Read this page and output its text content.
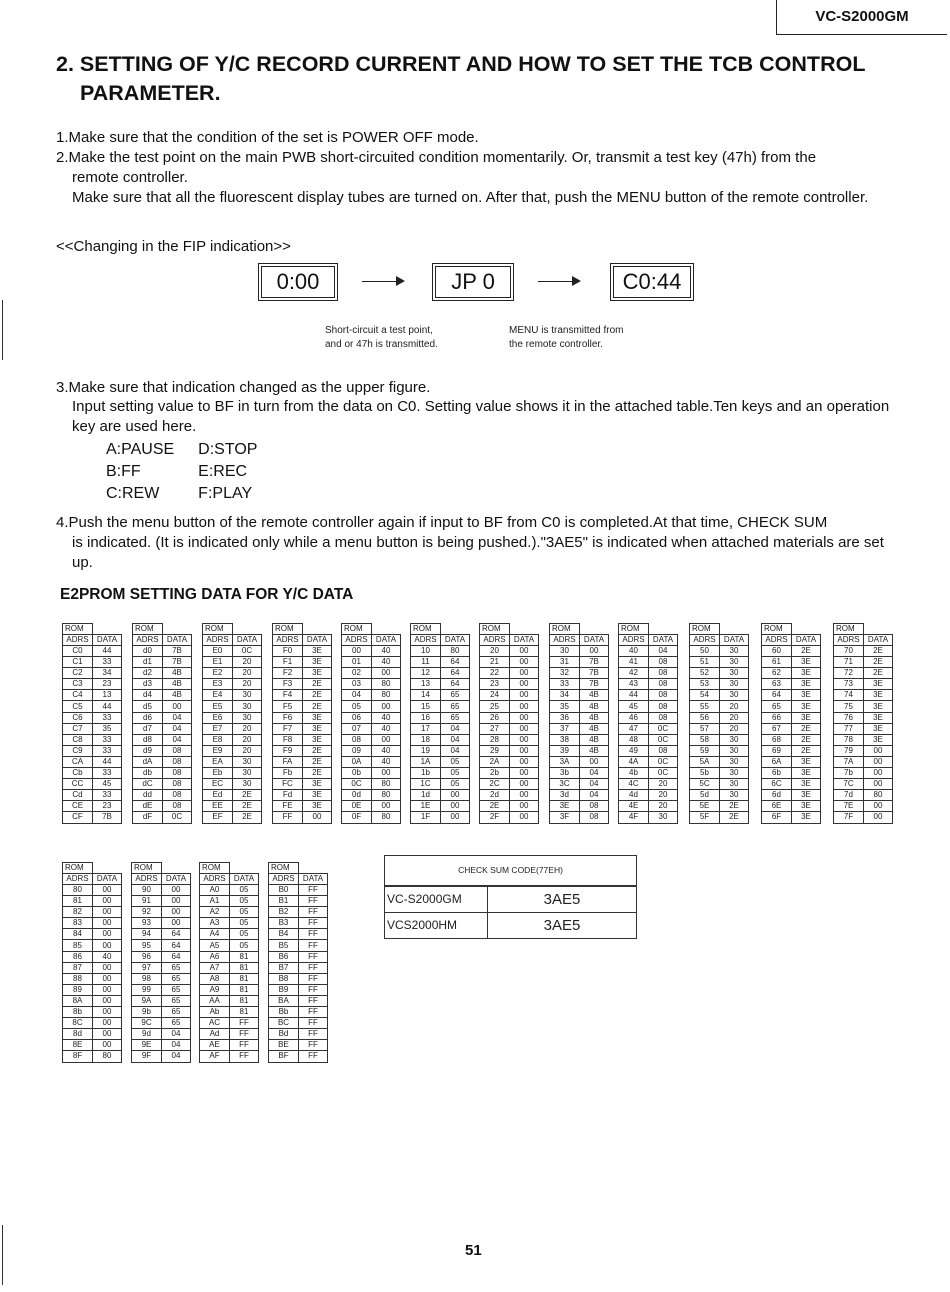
VC-S2000GM
2. SETTING OF Y/C RECORD CURRENT AND HOW TO SET THE TCB CONTROL
PARAMETER.
1.Make sure that the condition of the set is POWER OFF mode.
2.Make the test point on the main PWB short-circuited condition momentarily. Or, transmit a test key (47h) from the
remote controller.
Make sure that all the fluorescent display tubes are turned on. After that, push the MENU button of the remote controller.
<<Changing in the FIP indication>>
0:00	JP 0	C0:44
Short-circuit a test point,
and or 47h is transmitted.
MENU is transmitted from
the remote controller.
3.Make sure that indication changed as the upper figure.
Input setting value to BF in turn from the data on C0. Setting value shows it in the attached table.Ten keys and an operation key are used here.
A:PAUSE	D:STOP
B:FF	E:REC
C:REW	F:PLAY
4.Push the menu button of the remote controller again if input to BF from C0 is completed.At that time, CHECK SUM
is indicated. (It is indicated only while a menu button is being pushed.)."3AE5" is indicated when attached materials are set up.
E2PROM SETTING DATA FOR Y/C DATA
ROM	
ADRS	DATA
C0	44
C1	33
C2	34
C3	23
C4	13
C5	44
C6	33
C7	35
C8	33
C9	33
CA	44
Cb	33
CC	45
Cd	33
CE	23
CF	7B
ROM	
ADRS	DATA
d0	7B
d1	7B
d2	4B
d3	4B
d4	4B
d5	00
d6	04
d7	04
d8	04
d9	08
dA	08
db	08
dC	08
dd	08
dE	08
dF	0C
ROM	
ADRS	DATA
E0	0C
E1	20
E2	20
E3	20
E4	30
E5	30
E6	30
E7	20
E8	20
E9	20
EA	30
Eb	30
EC	30
Ed	2E
EE	2E
EF	2E
ROM	
ADRS	DATA
F0	3E
F1	3E
F2	3E
F3	2E
F4	2E
F5	2E
F6	3E
F7	3E
F8	3E
F9	2E
FA	2E
Fb	2E
FC	3E
Fd	3E
FE	3E
FF	00
ROM	
ADRS	DATA
00	40
01	40
02	00
03	80
04	80
05	00
06	40
07	40
08	00
09	40
0A	40
0b	00
0C	80
0d	80
0E	00
0F	80
ROM	
ADRS	DATA
10	80
11	64
12	64
13	64
14	65
15	65
16	65
17	04
18	04
19	04
1A	05
1b	05
1C	05
1d	00
1E	00
1F	00
ROM	
ADRS	DATA
20	00
21	00
22	00
23	00
24	00
25	00
26	00
27	00
28	00
29	00
2A	00
2b	00
2C	00
2d	00
2E	00
2F	00
ROM	
ADRS	DATA
30	00
31	7B
32	7B
33	7B
34	4B
35	4B
36	4B
37	4B
38	4B
39	4B
3A	00
3b	04
3C	04
3d	04
3E	08
3F	08
ROM	
ADRS	DATA
40	04
41	08
42	08
43	08
44	08
45	08
46	08
47	0C
48	0C
49	08
4A	0C
4b	0C
4C	20
4d	20
4E	20
4F	30
ROM	
ADRS	DATA
50	30
51	30
52	30
53	30
54	30
55	20
56	20
57	20
58	30
59	30
5A	30
5b	30
5C	30
5d	30
5E	2E
5F	2E
ROM	
ADRS	DATA
60	2E
61	3E
62	3E
63	3E
64	3E
65	3E
66	3E
67	2E
68	2E
69	2E
6A	3E
6b	3E
6C	3E
6d	3E
6E	3E
6F	3E
ROM	
ADRS	DATA
70	2E
71	2E
72	2E
73	3E
74	3E
75	3E
76	3E
77	3E
78	3E
79	00
7A	00
7b	00
7C	00
7d	80
7E	00
7F	00
ROM	
ADRS	DATA
80	00
81	00
82	00
83	00
84	00
85	00
86	40
87	00
88	00
89	00
8A	00
8b	00
8C	00
8d	00
8E	00
8F	80
ROM	
ADRS	DATA
90	00
91	00
92	00
93	00
94	64
95	64
96	64
97	65
98	65
99	65
9A	65
9b	65
9C	65
9d	04
9E	04
9F	04
ROM	
ADRS	DATA
A0	05
A1	05
A2	05
A3	05
A4	05
A5	05
A6	81
A7	81
A8	81
A9	81
AA	81
Ab	81
AC	FF
Ad	FF
AE	FF
AF	FF
ROM	
ADRS	DATA
B0	FF
B1	FF
B2	FF
B3	FF
B4	FF
B5	FF
B6	FF
B7	FF
B8	FF
B9	FF
BA	FF
Bb	FF
BC	FF
Bd	FF
BE	FF
BF	FF
CHECK SUM CODE(77EH)
VC-S2000GM	3AE5
VCS2000HM	3AE5
51
